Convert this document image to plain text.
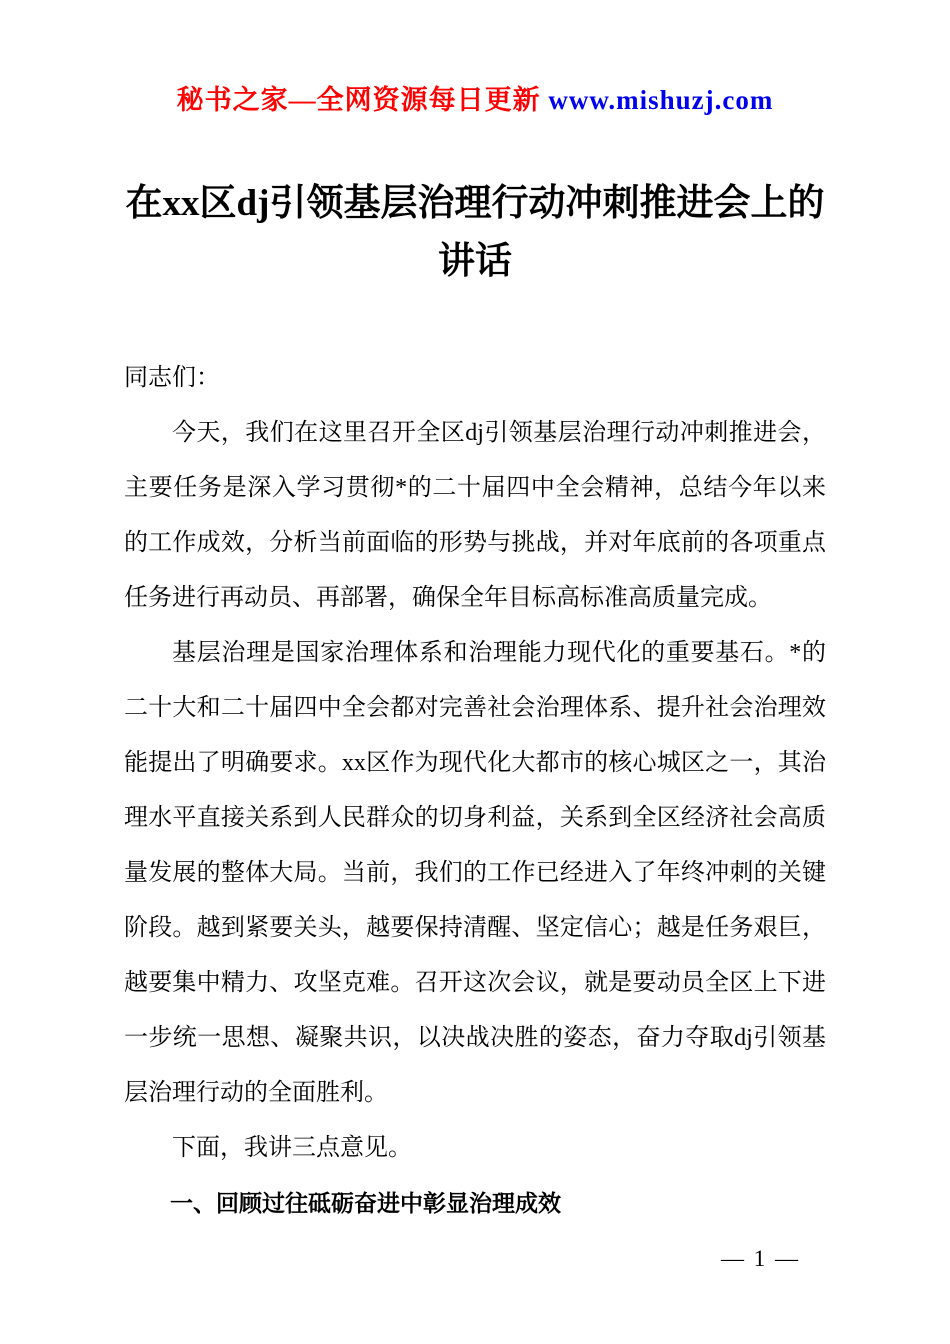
秘书之家—全网资源每日更新 www.mishuzj.com
在xx区dj引领基层治理行动冲刺推进会上的讲话

同志们：

今天，我们在这里召开全区dj引领基层治理行动冲刺推进会，主要任务是深入学习贯彻*的二十届四中全会精神，总结今年以来的工作成效，分析当前面临的形势与挑战，并对年底前的各项重点任务进行再动员、再部署，确保全年目标高标准高质量完成。

基层治理是国家治理体系和治理能力现代化的重要基石。*的二十大和二十届四中全会都对完善社会治理体系、提升社会治理效能提出了明确要求。xx区作为现代化大都市的核心城区之一，其治理水平直接关系到人民群众的切身利益，关系到全区经济社会高质量发展的整体大局。当前，我们的工作已经进入了年终冲刺的关键阶段。越到紧要关头，越要保持清醒、坚定信心；越是任务艰巨，越要集中精力、攻坚克难。召开这次会议，就是要动员全区上下进一步统一思想、凝聚共识，以决战决胜的姿态，奋力夺取dj引领基层治理行动的全面胜利。

下面，我讲三点意见。

一、回顾过往砥砺奋进中彰显治理成效

— 1 —
